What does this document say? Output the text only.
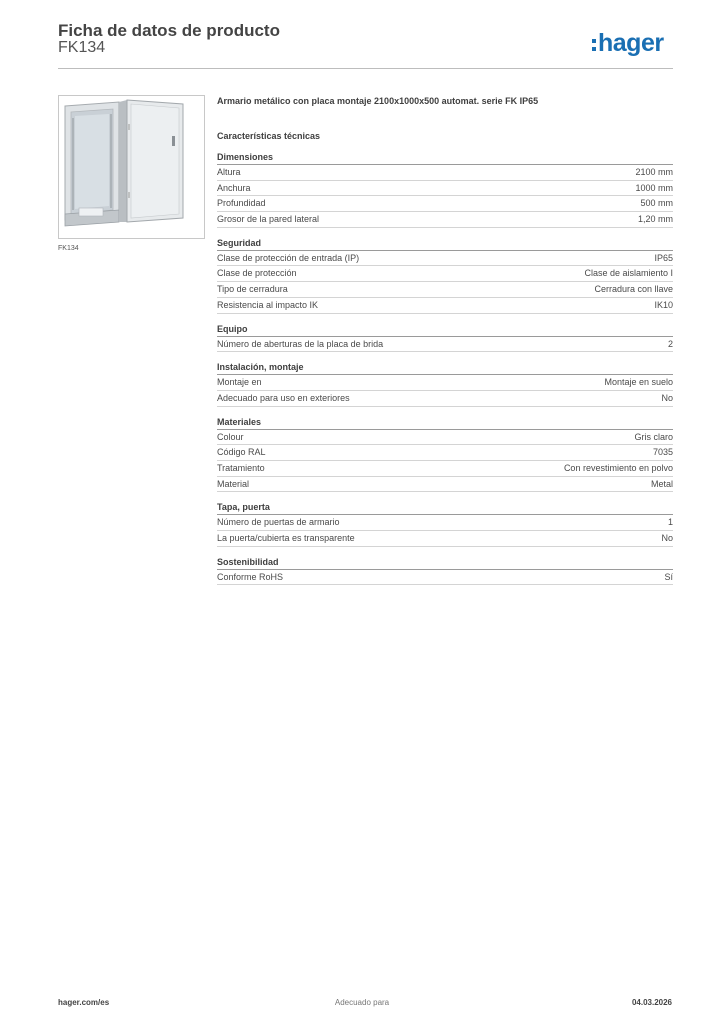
Ficha de datos de producto
FK134	hager
FK134
Armario metálico con placa montaje 2100x1000x500 automat. serie FK IP65
Características técnicas
Dimensiones
Altura	2100 mm
Anchura	1000 mm
Profundidad	500 mm
Grosor de la pared lateral	1,20 mm
Seguridad
Clase de protección de entrada (IP)	IP65
Clase de protección	Clase de aislamiento I
Tipo de cerradura	Cerradura con llave
Resistencia al impacto IK	IK10
Equipo
Número de aberturas de la placa de brida	2
Instalación, montaje
Montaje en	Montaje en suelo
Adecuado para uso en exteriores	No
Materiales
Colour	Gris claro
Código RAL	7035
Tratamiento	Con revestimiento en polvo
Material	Metal
Tapa, puerta
Número de puertas de armario	1
La puerta/cubierta es transparente	No
Sostenibilidad
Conforme RoHS	Sí
hager.com/es	Adecuado para	04.03.2026
